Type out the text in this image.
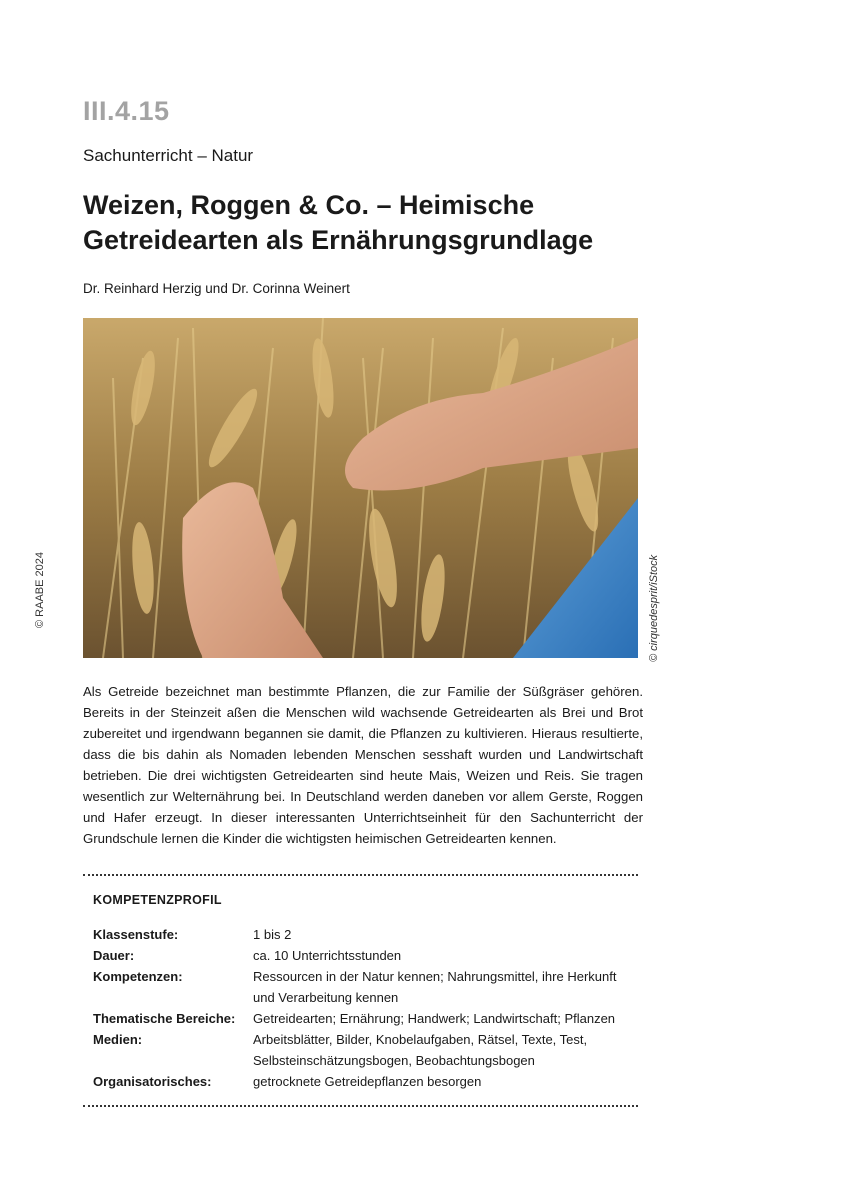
III.4.15
Sachunterricht – Natur
Weizen, Roggen & Co. – Heimische Getreidearten als Ernährungsgrundlage
Dr. Reinhard Herzig und Dr. Corinna Weinert
© RAABE 2024	© cirquedesprit/iStock

Als Getreide bezeichnet man bestimmte Pflanzen, die zur Familie der Süßgräser gehören. Bereits in der Steinzeit aßen die Menschen wild wachsende Getreidearten als Brei und Brot zubereitet und irgendwann begannen sie damit, die Pflanzen zu kultivieren. Hieraus resultierte, dass die bis dahin als Nomaden lebenden Menschen sesshaft wurden und Landwirtschaft betrieben. Die drei wichtigsten Getreidearten sind heute Mais, Weizen und Reis. Sie tragen wesentlich zur Welternährung bei. In Deutschland werden daneben vor allem Gerste, Roggen und Hafer erzeugt. In dieser interessanten Unterrichtseinheit für den Sachunterricht der Grundschule lernen die Kinder die wichtigsten heimischen Getreidearten kennen.

KOMPETENZPROFIL
Klassenstufe:	1 bis 2
Dauer:	ca. 10 Unterrichtsstunden
Kompetenzen:	Ressourcen in der Natur kennen; Nahrungsmittel, ihre Herkunft und Verarbeitung kennen
Thematische Bereiche:	Getreidearten; Ernährung; Handwerk; Landwirtschaft; Pflanzen
Medien:	Arbeitsblätter, Bilder, Knobelaufgaben, Rätsel, Texte, Test, Selbsteinschätzungsbogen, Beobachtungsbogen
Organisatorisches:	getrocknete Getreidepflanzen besorgen
